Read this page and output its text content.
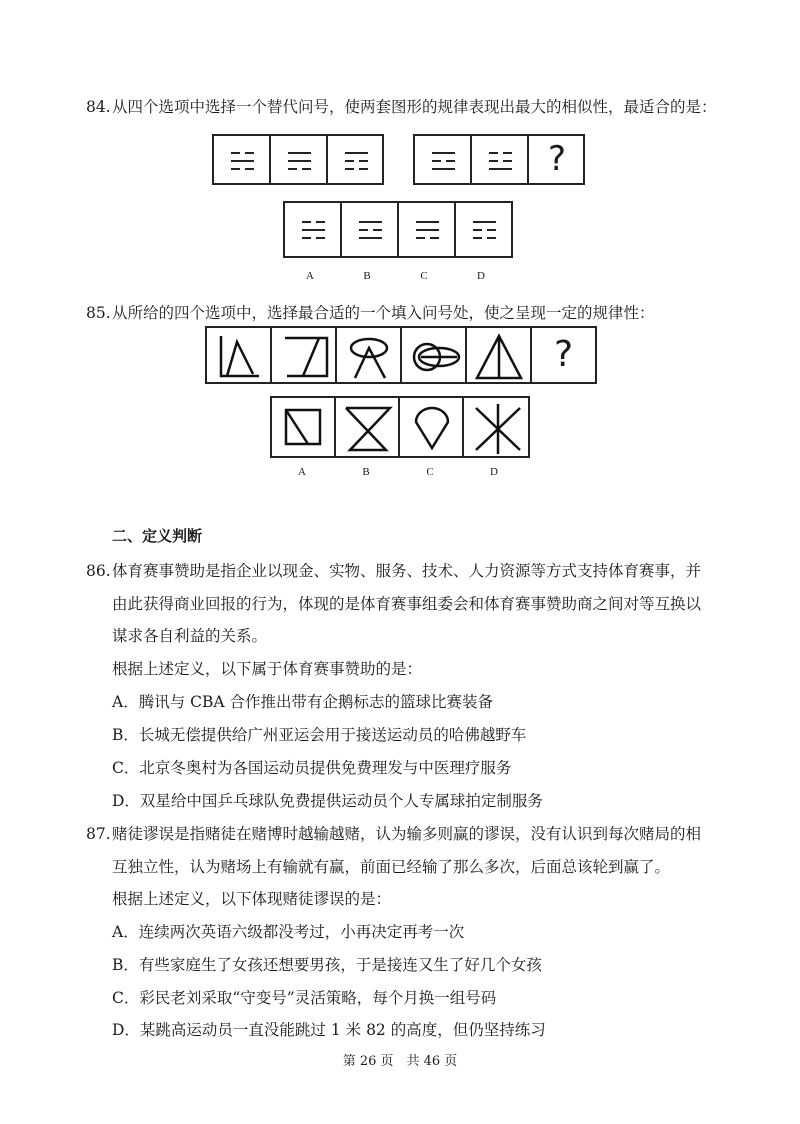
84. 从四个选项中选择一个替代问号，使两套图形的规律表现出最大的相似性，最适合的是：
?
A	B	C	D
85. 从所给的四个选项中，选择最合适的一个填入问号处，使之呈现一定的规律性：
?
A	B	C	D
二、定义判断
86. 体育赛事赞助是指企业以现金、实物、服务、技术、人力资源等方式支持体育赛事，并
由此获得商业回报的行为，体现的是体育赛事组委会和体育赛事赞助商之间对等互换以
谋求各自利益的关系。
根据上述定义，以下属于体育赛事赞助的是：
A．腾讯与 CBA 合作推出带有企鹅标志的篮球比赛装备
B．长城无偿提供给广州亚运会用于接送运动员的哈佛越野车
C．北京冬奥村为各国运动员提供免费理发与中医理疗服务
D．双星给中国乒乓球队免费提供运动员个人专属球拍定制服务
87. 赌徒谬误是指赌徒在赌博时越输越赌，认为输多则赢的谬误，没有认识到每次赌局的相
互独立性，认为赌场上有输就有赢，前面已经输了那么多次，后面总该轮到赢了。
根据上述定义，以下体现赌徒谬误的是：
A．连续两次英语六级都没考过，小再决定再考一次
B．有些家庭生了女孩还想要男孩，于是接连又生了好几个女孩
C．彩民老刘采取“守变号”灵活策略，每个月换一组号码
D．某跳高运动员一直没能跳过 1 米 82 的高度，但仍坚持练习
第 26 页　共 46 页
